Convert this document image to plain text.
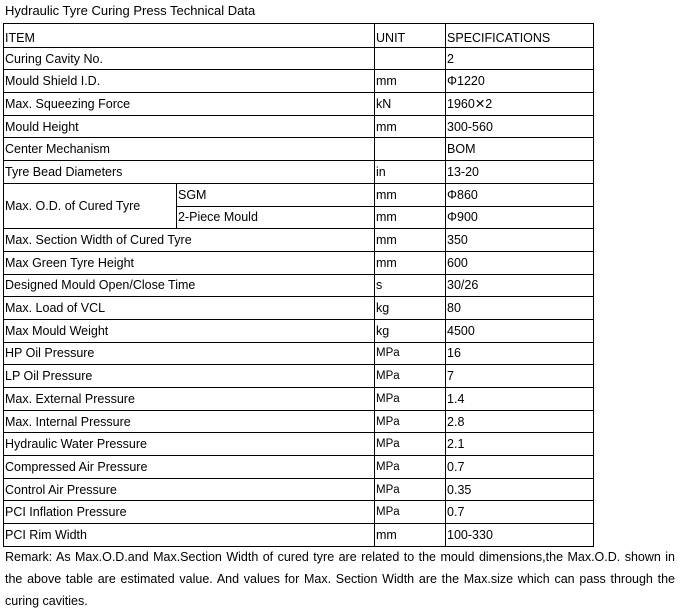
Hydraulic Tyre Curing Press Technical Data
ITEM		UNIT	SPECIFICATIONS
Curing Cavity No.			2
Mould Shield I.D.		mm	Φ1220
Max. Squeezing Force		kN	1960✕2
Mould Height		mm	300-560
Center Mechanism			BOM
Tyre Bead Diameters		in	13-20
Max. O.D. of Cured Tyre	SGM	mm	Φ860
	2-Piece Mould	mm	Φ900
Max. Section Width of Cured Tyre		mm	350
Max Green Tyre Height		mm	600
Designed Mould Open/Close Time		s	30/26
Max. Load of VCL		kg	80
Max Mould Weight		kg	4500
HP Oil Pressure		MPa	16
LP Oil Pressure		MPa	7
Max. External Pressure		MPa	1.4
Max. Internal Pressure		MPa	2.8
Hydraulic Water Pressure		MPa	2.1
Compressed Air Pressure		MPa	0.7
Control Air Pressure		MPa	0.35
PCI Inflation Pressure		MPa	0.7
PCI Rim Width		mm	100-330
Remark: As Max.O.D.and Max.Section Width of cured tyre are related to the mould dimensions,the Max.O.D. shown in the above table are estimated value. And values for Max. Section Width are the Max.size which can pass through the curing cavities.
